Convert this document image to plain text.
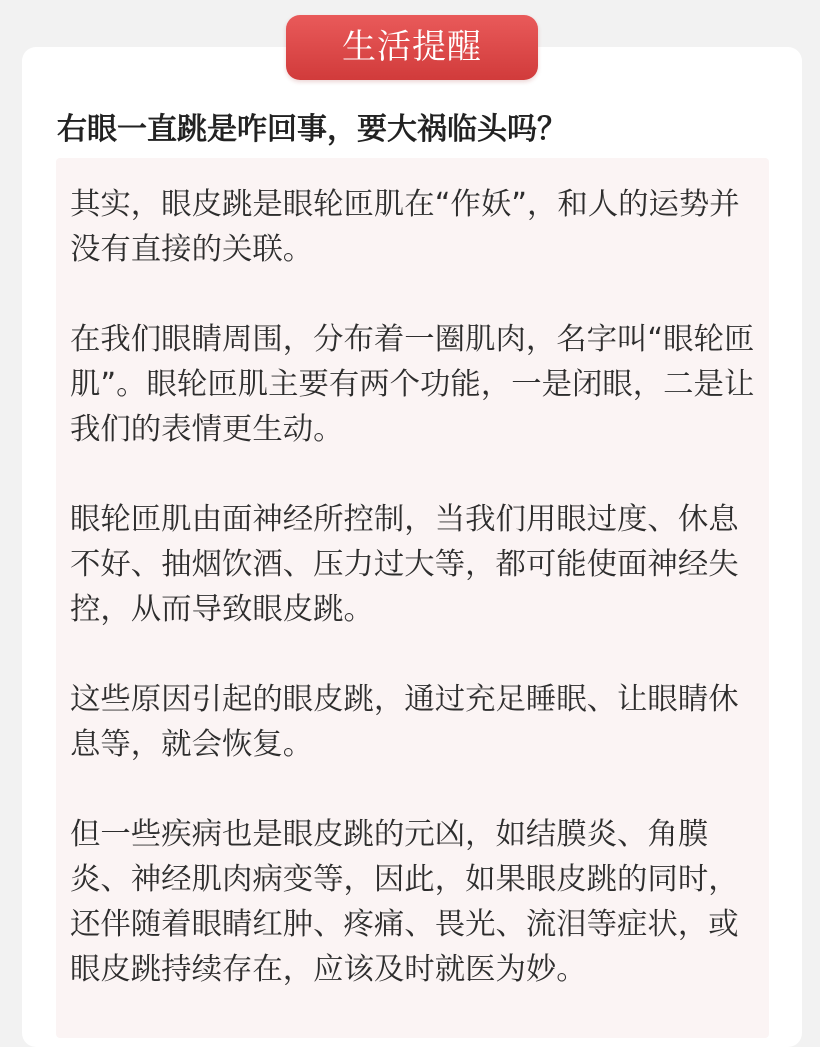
生活提醒
右眼一直跳是咋回事，要大祸临头吗？

其实，眼皮跳是眼轮匝肌在“作妖”，和人的运势并没有直接的关联。

在我们眼睛周围，分布着一圈肌肉，名字叫“眼轮匝肌”。眼轮匝肌主要有两个功能，一是闭眼，二是让我们的表情更生动。

眼轮匝肌由面神经所控制，当我们用眼过度、休息不好、抽烟饮酒、压力过大等，都可能使面神经失控，从而导致眼皮跳。

这些原因引起的眼皮跳，通过充足睡眠、让眼睛休息等，就会恢复。

但一些疾病也是眼皮跳的元凶，如结膜炎、角膜炎、神经肌肉病变等，因此，如果眼皮跳的同时，还伴随着眼睛红肿、疼痛、畏光、流泪等症状，或眼皮跳持续存在，应该及时就医为妙。
